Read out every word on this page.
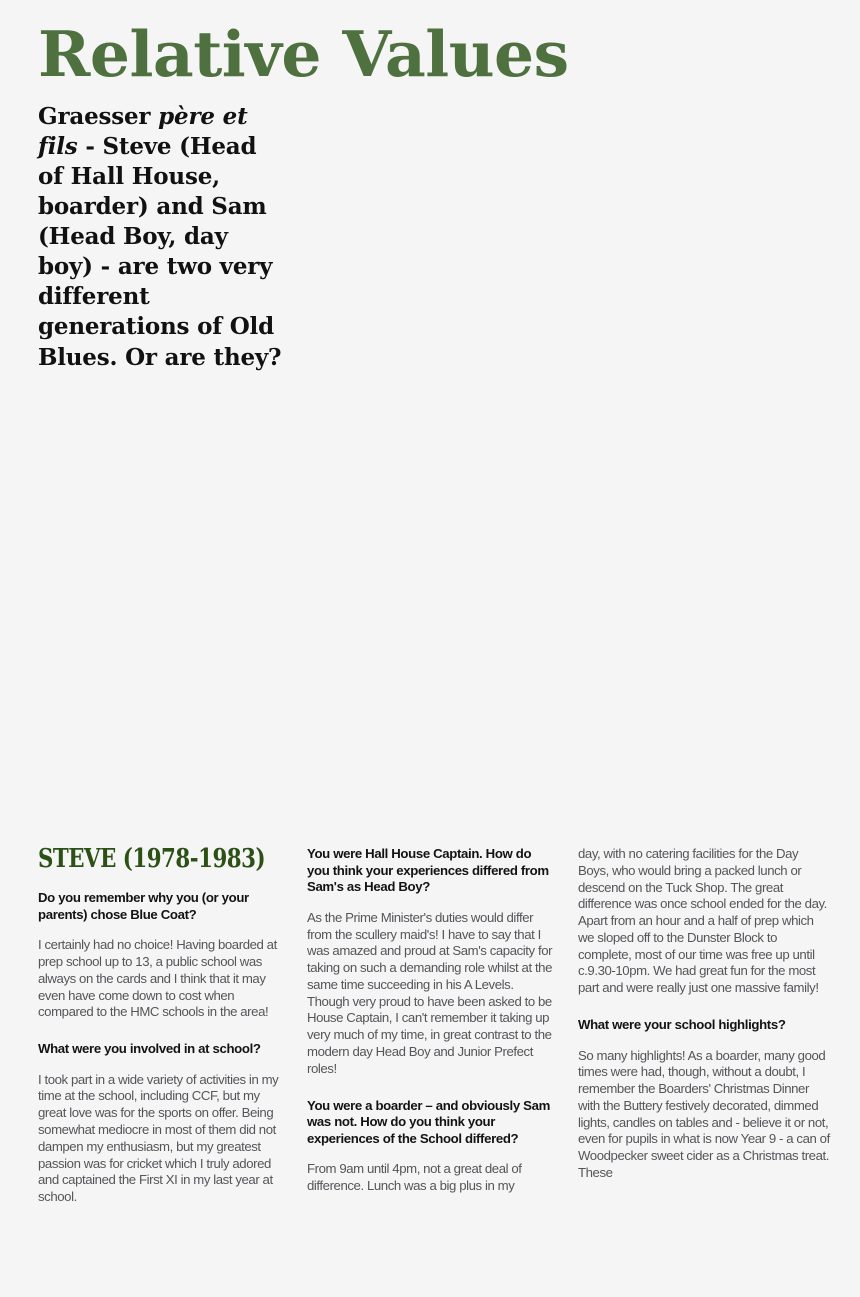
Relative Values

Graesser père et fils - Steve (Head of Hall House, boarder) and Sam (Head Boy, day boy) - are two very different generations of Old Blues. Or are they?

STEVE (1978-1983)

Do you remember why you (or your parents) chose Blue Coat?

I certainly had no choice! Having boarded at prep school up to 13, a public school was always on the cards and I think that it may even have come down to cost when compared to the HMC schools in the area!

What were you involved in at school?

I took part in a wide variety of activities in my time at the school, including CCF, but my great love was for the sports on offer. Being somewhat mediocre in most of them did not dampen my enthusiasm, but my greatest passion was for cricket which I truly adored and captained the First XI in my last year at school.

You were Hall House Captain. How do you think your experiences differed from Sam's as Head Boy?

As the Prime Minister's duties would differ from the scullery maid's! I have to say that I was amazed and proud at Sam's capacity for taking on such a demanding role whilst at the same time succeeding in his A Levels. Though very proud to have been asked to be House Captain, I can't remember it taking up very much of my time, in great contrast to the modern day Head Boy and Junior Prefect roles!

You were a boarder – and obviously Sam was not. How do you think your experiences of the School differed?

From 9am until 4pm, not a great deal of difference. Lunch was a big plus in my

day, with no catering facilities for the Day Boys, who would bring a packed lunch or descend on the Tuck Shop. The great difference was once school ended for the day. Apart from an hour and a half of prep which we sloped off to the Dunster Block to complete, most of our time was free up until c.9.30-10pm. We had great fun for the most part and were really just one massive family!

What were your school highlights?

So many highlights! As a boarder, many good times were had, though, without a doubt, I remember the Boarders' Christmas Dinner with the Buttery festively decorated, dimmed lights, candles on tables and - believe it or not, even for pupils in what is now Year 9 - a can of Woodpecker sweet cider as a Christmas treat. These
